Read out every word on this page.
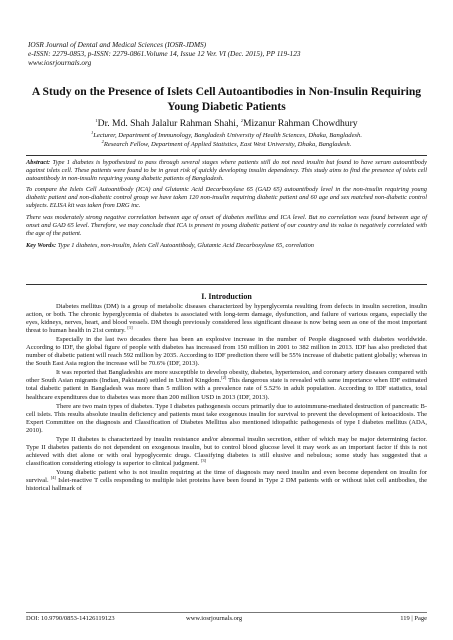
IOSR Journal of Dental and Medical Sciences (IOSR-JDMS)
e-ISSN: 2279-0853, p-ISSN: 2279-0861.Volume 14, Issue 12 Ver. VI (Dec. 2015), PP 119-123
www.iosrjournals.org
A Study on the Presence of Islets Cell Autoantibodies in Non-Insulin Requiring Young Diabetic Patients
$^1$Dr. Md. Shah Jalalur Rahman Shahi, $^2$Mizanur Rahman Chowdhury
$^1$Lecturer, Department of Immunology, Bangladesh University of Health Sciences, Dhaka, Bangladesh.
$^2$Research Fellow, Department of Applied Statistics, East West University, Dhaka, Bangladesh.

Abstract: Type 1 diabetes is hypothesized to pass through several stages where patients still do not need insulin but found to have serum autoantibody against islets cell. These patients were found to be in great risk of quickly developing insulin dependency. This study aims to find the presence of islets cell autoantibody in non-insulin requiring young diabetic patients of Bangladesh.

To compare the Islets Cell Autoantibody (ICA) and Glutamic Acid Decarboxylase 65 (GAD 65) autoantibody level in the non-insulin requiring young diabetic patient and non-diabetic control group we have taken 120 non-insulin requiring diabetic patient and 60 age and sex matched non-diabetic control subjects. ELISA kit was taken from DRG inc.

There was moderately strong negative correlation between age of onset of diabetes mellitus and ICA level. But no correlation was found between age of onset and GAD 65 level. Therefore, we may conclude that ICA is present in young diabetic patient of our country and its value is negatively correlated with the age of the patient.

Key Words: Type 1 diabetes, non-insulin, Islets Cell Autoantibody, Glutamic Acid Decarboxylase 65, correlation

I. Introduction

Diabetes mellitus (DM) is a group of metabolic diseases characterized by hyperglycemia resulting from defects in insulin secretion, insulin action, or both. The chronic hyperglycemia of diabetes is associated with long-term damage, dysfunction, and failure of various organs, especially the eyes, kidneys, nerves, heart, and blood vessels. DM though previously considered less significant disease is now being seen as one of the most important threat to human health in 21st century. [1]

Especially in the last two decades there has been an explosive increase in the number of People diagnosed with diabetes worldwide. According to IDF, the global figure of people with diabetes has increased from 150 million in 2001 to 382 million in 2013. IDF has also predicted that number of diabetic patient will reach 592 million by 2035. According to IDF prediction there will be 55% increase of diabetic patient globally; whereas in the South East Asia region the increase will be 70.6% (IDF, 2013).

It was reported that Bangladeshis are more susceptible to develop obesity, diabetes, hypertension, and coronary artery diseases compared with other South Asian migrants (Indian, Pakistani) settled in United Kingdom.[2] This dangerous state is revealed with same importance when IDF estimated total diabetic patient in Bangladesh was more than 5 million with a prevalence rate of 5.52% in adult population. According to IDF statistics, total healthcare expenditures due to diabetes was more than 200 million USD in 2013 (IDF, 2013).

There are two main types of diabetes. Type I diabetes pathogenesis occurs primarily due to autoimmune-mediated destruction of pancreatic B-cell islets. This results absolute insulin deficiency and patients must take exogenous insulin for survival to prevent the development of ketoacidosis. The Expert Committee on the diagnosis and Classification of Diabetes Mellitus also mentioned idiopathic pathogenesis of type I diabetes mellitus (ADA, 2010).

Type II diabetes is characterized by insulin resistance and/or abnormal insulin secretion, either of which may be major determining factor. Type II diabetes patients do not dependent on exogenous insulin, but to control blood glucose level it may work as an important factor if this is not achieved with diet alone or with oral hypoglycemic drugs. Classifying diabetes is still elusive and nebulous; some study has suggested that a classification considering etiology is superior to clinical judgment. [3]

Young diabetic patient who is not insulin requiring at the time of diagnosis may need insulin and even become dependent on insulin for survival. [4] Islet-reactive T cells responding to multiple islet proteins have been found in Type 2 DM patients with or without islet cell antibodies, the historical hallmark of

DOI: 10.9790/0853-14126119123	www.iosrjournals.org	119 | Page
